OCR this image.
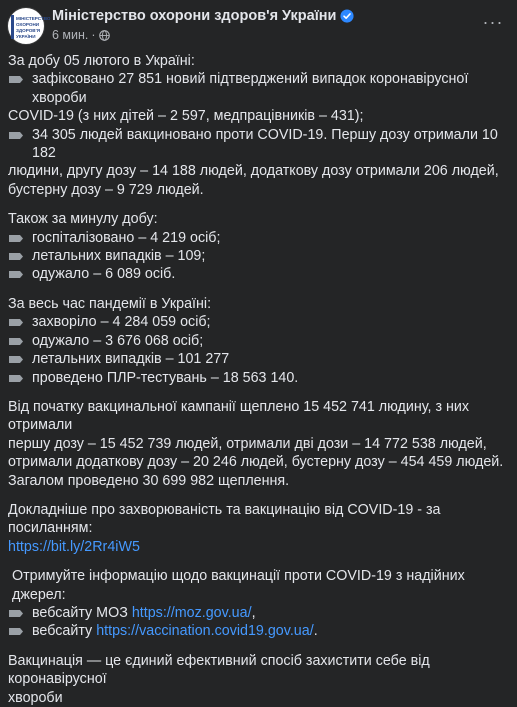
МІНІСТЕРСТВО
ОХОРОНИ
ЗДОРОВ'Я
УКРАЇНИ
Міністерство охорони здоров'я України
6 мин. ·
···

За добу 05 лютого в Україні:

зафіксовано 27 851 новий підтверджений випадок коронавірусної хвороби

COVID-19 (з них дітей – 2 597, медпрацівників – 431);

34 305 людей вакциновано проти COVID-19. Першу дозу отримали 10 182

людини, другу дозу – 14 188 людей, додаткову дозу отримали 206 людей,

бустерну дозу – 9 729 людей.

Також за минулу добу:

госпіталізовано – 4 219 осіб;
летальних випадків – 109;
одужало – 6 089 осіб.

За весь час пандемії в Україні:

захворіло – 4 284 059 осіб;
одужало – 3 676 068 осіб;
летальних випадків – 101 277
проведено ПЛР-тестувань – 18 563 140.

Від початку вакцинальної кампанії щеплено 15 452 741 людину, з них отримали

першу дозу – 15 452 739 людей, отримали дві дози – 14 772 538 людей,

отримали додаткову дозу – 20 246 людей, бустерну дозу – 454 459 людей.

Загалом проведено 30 699 982 щеплення.

Докладніше про захворюваність та вакцинацію від COVID-19 - за посиланням:

https://bit.ly/2Rr4iW5

Отримуйте інформацію щодо вакцинації проти COVID-19 з надійних джерел:

вебсайту МОЗ https://moz.gov.ua/,
вебсайту https://vaccination.covid19.gov.ua/.

Вакцинація — це єдиний ефективний спосіб захистити себе від коронавірусної

хвороби
